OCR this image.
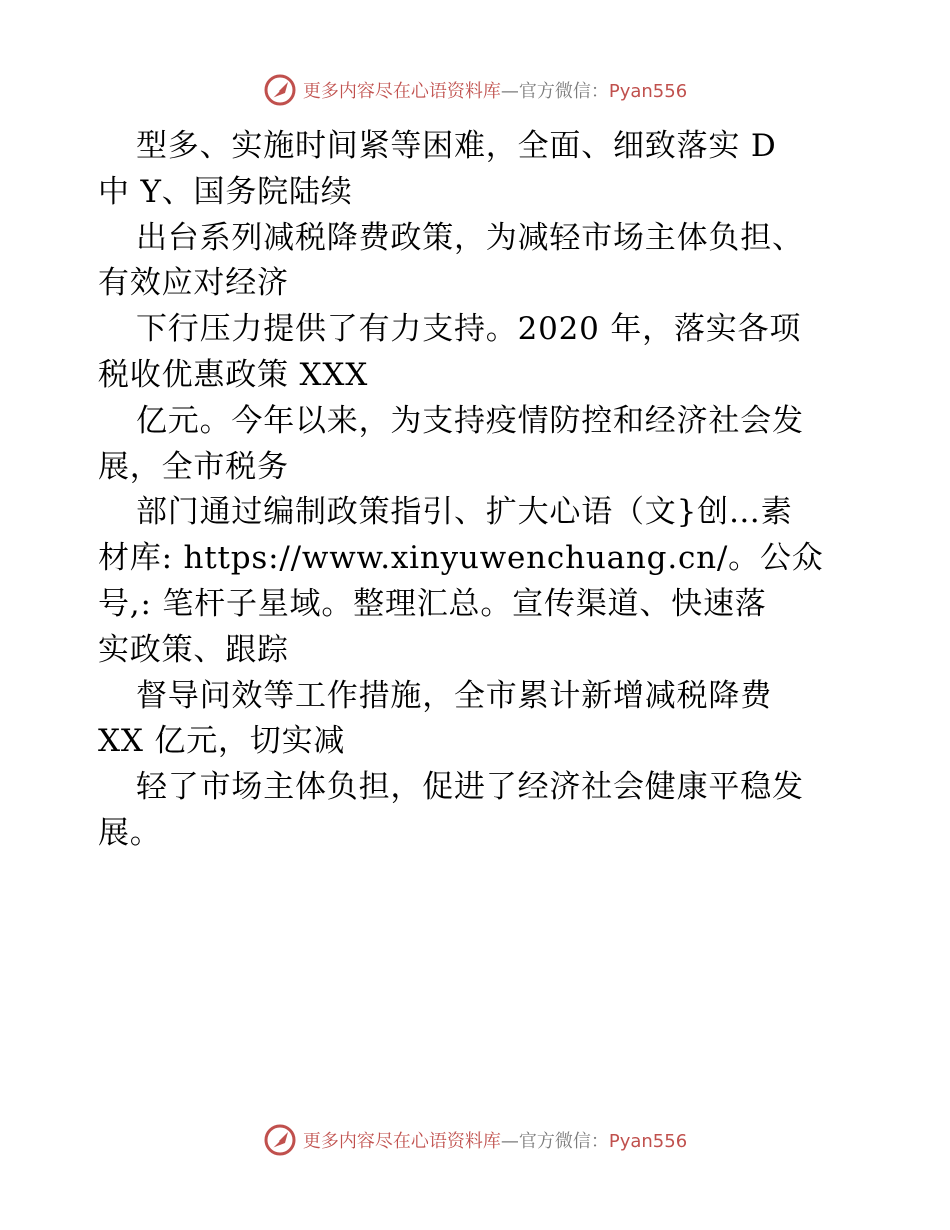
更多内容尽在心语资料库—官方微信：Pyan556
型多、实施时间紧等困难，全面、细致落实 D
中 Y、国务院陆续
出台系列减税降费政策，为减轻市场主体负担、
有效应对经济
下行压力提供了有力支持。2020 年，落实各项
税收优惠政策 XXX
亿元。今年以来，为支持疫情防控和经济社会发
展，全市税务
部门通过编制政策指引、扩大心语（文}创…素
材库: https://www.xinyuwenchuang.cn/。公众
号,: 笔杆子星域。整理汇总。宣传渠道、快速落
实政策、跟踪
督导问效等工作措施，全市累计新增减税降费
XX 亿元，切实减
轻了市场主体负担，促进了经济社会健康平稳发
展。
更多内容尽在心语资料库—官方微信：Pyan556
